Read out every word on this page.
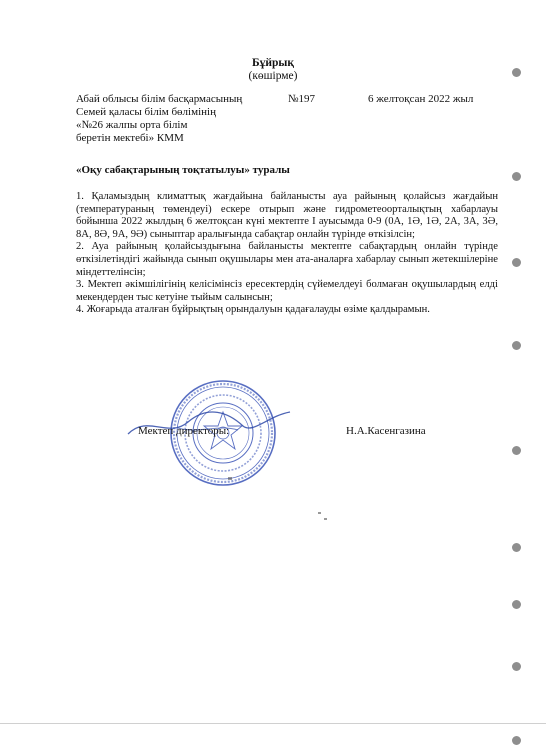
Бұйрық
(көшірме)
Абай облысы білім басқармасының
Семей қаласы білім бөлімінің
«№26 жалпы орта білім
беретін мектебі» КММ
№197	6 желтоқсан 2022 жыл
«Оқу сабақтарының тоқтатылуы» туралы

1. Қаламыздың климаттық жағдайына байланысты ауа райының қолайсыз жағдайын (температураның төмендеуі) ескере отырып және гидрометеоорталықтың хабарлауы бойынша 2022 жылдың 6 желтоқсан күні мектепте І ауысымда 0-9 (0А, 1Ә, 1Ә, 2А, 3А, 3Ә, 8А, 8Ә, 9А, 9Ә) сыныптар аралығында сабақтар онлайн түрінде өткізілсін;

2. Ауа райының қолайсыздығына байланысты мектепте сабақтардың онлайн түрінде өткізілетіндігі жайында сынып оқушылары мен ата-аналарға хабарлау сынып жетекшілеріне міндеттелінсін;

3. Мектеп әкімшілігінің келісімінсіз ересектердің сүйемелдеуі болмаған оқушылардың елді мекендерден тыс кетуіне тыйым салынсын;

4. Жоғарыда аталған бұйрықтың орындалуын қадағалауды өзіме қалдырамын.

Мектеп директоры:	Н.А.Касенгазина
